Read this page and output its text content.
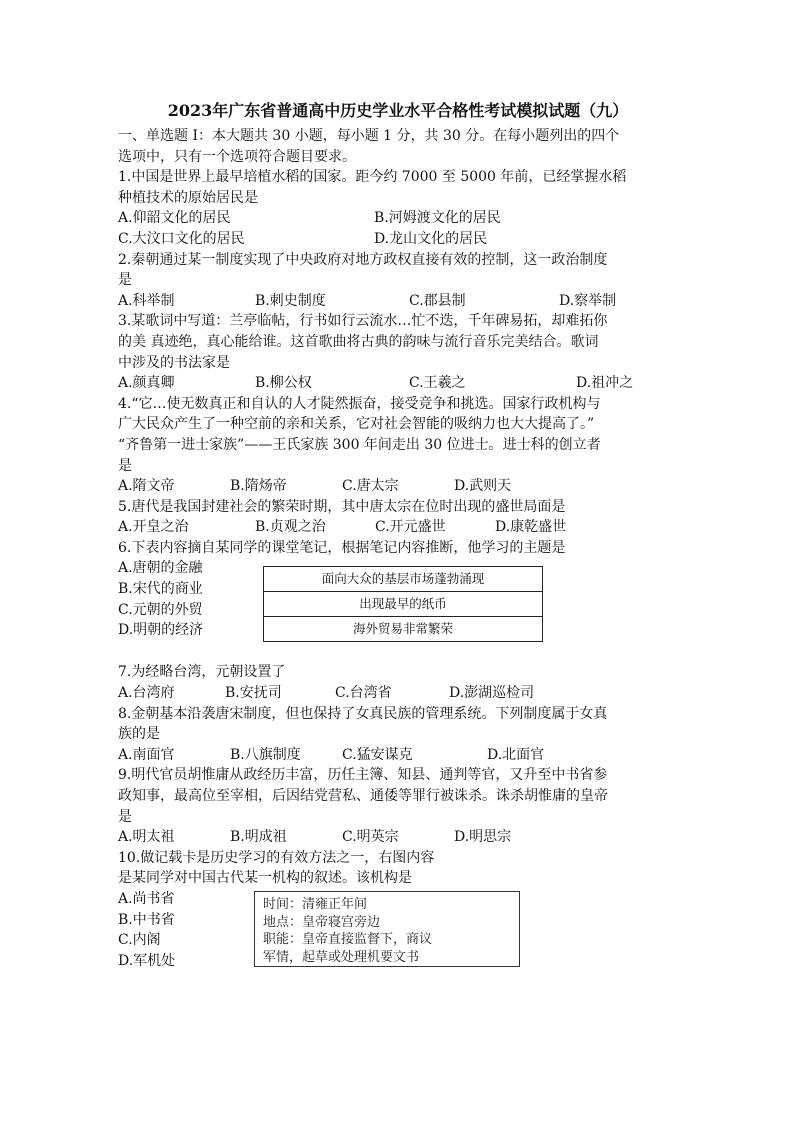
2023年广东省普通高中历史学业水平合格性考试模拟试题（九）
一、单选题 I：本大题共 30 小题，每小题 1 分，共 30 分。在每小题列出的四个
选项中，只有一个选项符合题目要求。
1.中国是世界上最早培植水稻的国家。距今约 7000 至 5000 年前，已经掌握水稻
种植技术的原始居民是
A.仰韶文化的居民	B.河姆渡文化的居民
C.大汶口文化的居民	D.龙山文化的居民
2.秦朝通过某一制度实现了中央政府对地方政权直接有效的控制，这一政治制度
是
A.科举制	B.刺史制度	C.郡县制	D.察举制
3.某歌词中写道：兰亭临帖，行书如行云流水…忙不迭，千年碑易拓，却难拓你
的美 真迹绝，真心能给谁。这首歌曲将古典的韵味与流行音乐完美结合。歌词
中涉及的书法家是
A.颜真卿	B.柳公权	C.王羲之	D.祖冲之
4.“它…使无数真正和自认的人才陡然振奋，接受竞争和挑选。国家行政机构与
广大民众产生了一种空前的亲和关系，它对社会智能的吸纳力也大大提高了。”
“齐鲁第一进士家族”——王氏家族 300 年间走出 30 位进士。进士科的创立者
是
A.隋文帝	B.隋炀帝	C.唐太宗	D.武则天
5.唐代是我国封建社会的繁荣时期，其中唐太宗在位时出现的盛世局面是
A.开皇之治	B.贞观之治	C.开元盛世	D.康乾盛世
6.下表内容摘自某同学的课堂笔记，根据笔记内容推断，他学习的主题是
A.唐朝的金融
B.宋代的商业
C.元朝的外贸
D.明朝的经济
面向大众的基层市场蓬勃涌现
出现最早的纸币
海外贸易非常繁荣
7.为经略台湾，元朝设置了
A.台湾府	B.安抚司	C.台湾省	D.澎湖巡检司
8.金朝基本沿袭唐宋制度，但也保持了女真民族的管理系统。下列制度属于女真
族的是
A.南面官	B.八旗制度	C.猛安谋克	D.北面官
9.明代官员胡惟庸从政经历丰富，历任主簿、知县、通判等官，又升至中书省参
政知事，最高位至宰相，后因结党营私、通倭等罪行被诛杀。诛杀胡惟庸的皇帝
是
A.明太祖	B.明成祖	C.明英宗	D.明思宗
10.做记载卡是历史学习的有效方法之一，右图内容
是某同学对中国古代某一机构的叙述。该机构是
A.尚书省
B.中书省
C.内阁
D.军机处
时间：清雍正年间
地点：皇帝寝宫旁边
职能：皇帝直接监督下，商议
军情，起草或处理机要文书
